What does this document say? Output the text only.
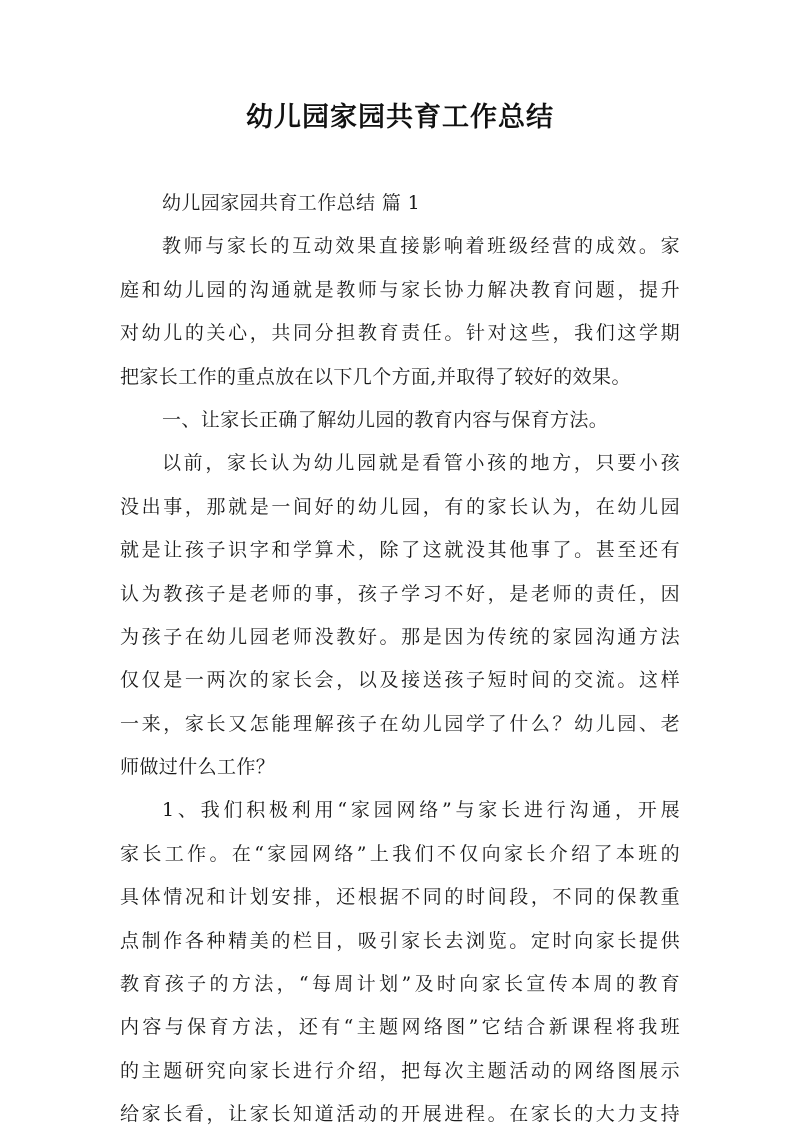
幼儿园家园共育工作总结
幼儿园家园共育工作总结 篇 1
教师与家长的互动效果直接影响着班级经营的成效。家
庭和幼儿园的沟通就是教师与家长协力解决教育问题，提升
对幼儿的关心，共同分担教育责任。针对这些，我们这学期
把家长工作的重点放在以下几个方面,并取得了较好的效果。
一、让家长正确了解幼儿园的教育内容与保育方法。
以前，家长认为幼儿园就是看管小孩的地方，只要小孩
没出事，那就是一间好的幼儿园，有的家长认为，在幼儿园
就是让孩子识字和学算术，除了这就没其他事了。甚至还有
认为教孩子是老师的事，孩子学习不好，是老师的责任，因
为孩子在幼儿园老师没教好。那是因为传统的家园沟通方法
仅仅是一两次的家长会，以及接送孩子短时间的交流。这样
一来，家长又怎能理解孩子在幼儿园学了什么？幼儿园、老
师做过什么工作？
1、我们积极利用“家园网络”与家长进行沟通，开展
家长工作。在“家园网络”上我们不仅向家长介绍了本班的
具体情况和计划安排，还根据不同的时间段，不同的保教重
点制作各种精美的栏目，吸引家长去浏览。定时向家长提供
教育孩子的方法，“每周计划”及时向家长宣传本周的教育
内容与保育方法，还有“主题网络图”它结合新课程将我班
的主题研究向家长进行介绍，把每次主题活动的网络图展示
给家长看，让家长知道活动的开展进程。在家长的大力支持
